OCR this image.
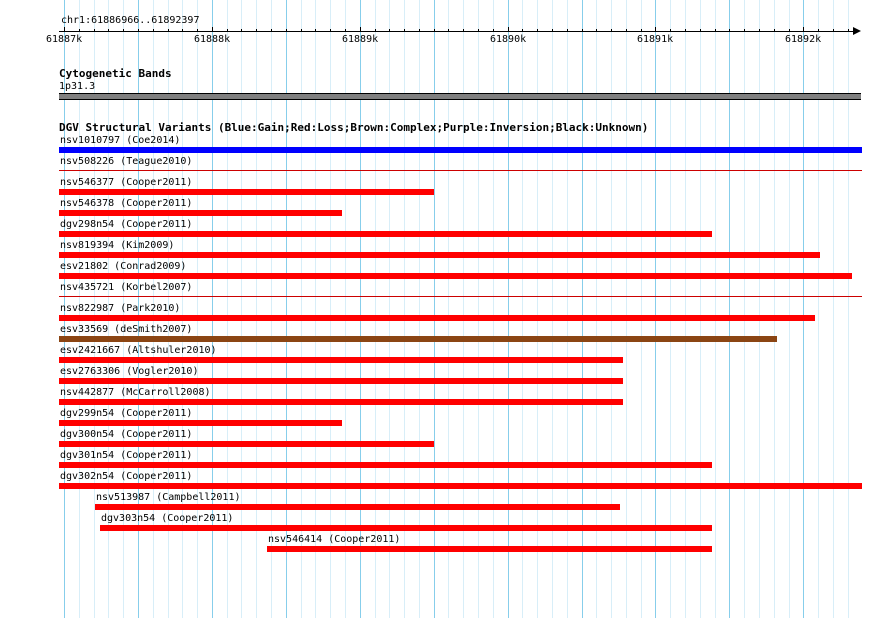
chr1:61886966..61892397
61887k	61888k	61889k	61890k	61891k	61892k
Cytogenetic Bands
1p31.3
DGV Structural Variants (Blue:Gain;Red:Loss;Brown:Complex;Purple:Inversion;Black:Unknown)
nsv1010797 (Coe2014)
nsv508226 (Teague2010)
nsv546377 (Cooper2011)
nsv546378 (Cooper2011)
dgv298n54 (Cooper2011)
nsv819394 (Kim2009)
esv21802 (Conrad2009)
nsv435721 (Korbel2007)
nsv822987 (Park2010)
esv33569 (deSmith2007)
esv2421667 (Altshuler2010)
esv2763306 (Vogler2010)
nsv442877 (McCarroll2008)
dgv299n54 (Cooper2011)
dgv300n54 (Cooper2011)
dgv301n54 (Cooper2011)
dgv302n54 (Cooper2011)
nsv513987 (Campbell2011)
dgv303n54 (Cooper2011)
nsv546414 (Cooper2011)
